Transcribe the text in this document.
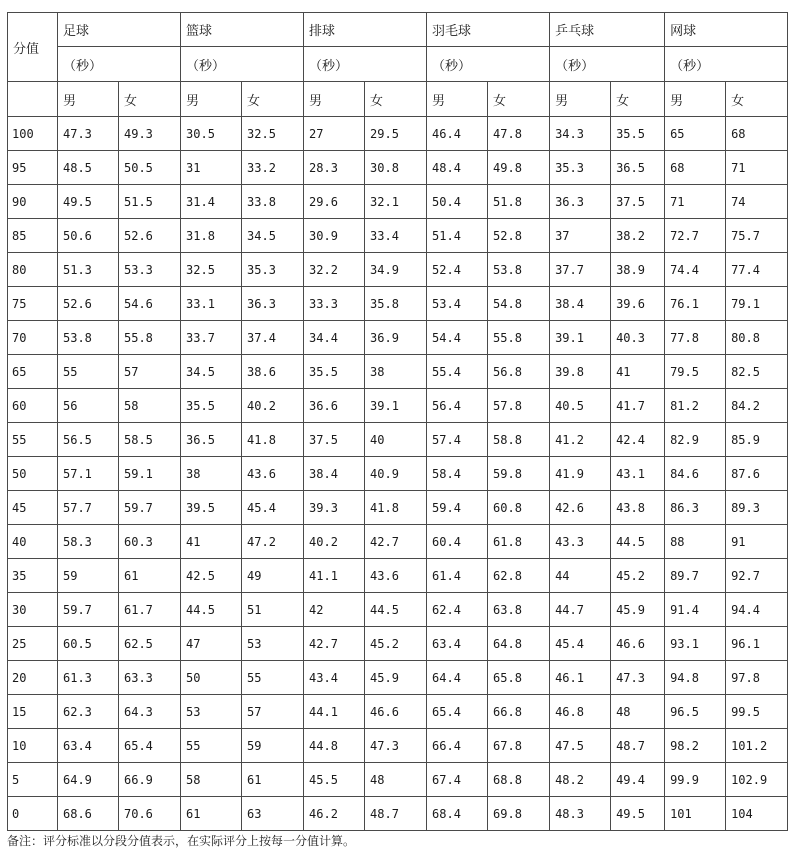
分值	足球		篮球		排球		羽毛球		乒乓球		网球	
	（秒）		（秒）		（秒）		（秒）		（秒）		（秒）	
	男	女	男	女	男	女	男	女	男	女	男	女
100	47.3	49.3	30.5	32.5	27	29.5	46.4	47.8	34.3	35.5	65	68
95	48.5	50.5	31	33.2	28.3	30.8	48.4	49.8	35.3	36.5	68	71
90	49.5	51.5	31.4	33.8	29.6	32.1	50.4	51.8	36.3	37.5	71	74
85	50.6	52.6	31.8	34.5	30.9	33.4	51.4	52.8	37	38.2	72.7	75.7
80	51.3	53.3	32.5	35.3	32.2	34.9	52.4	53.8	37.7	38.9	74.4	77.4
75	52.6	54.6	33.1	36.3	33.3	35.8	53.4	54.8	38.4	39.6	76.1	79.1
70	53.8	55.8	33.7	37.4	34.4	36.9	54.4	55.8	39.1	40.3	77.8	80.8
65	55	57	34.5	38.6	35.5	38	55.4	56.8	39.8	41	79.5	82.5
60	56	58	35.5	40.2	36.6	39.1	56.4	57.8	40.5	41.7	81.2	84.2
55	56.5	58.5	36.5	41.8	37.5	40	57.4	58.8	41.2	42.4	82.9	85.9
50	57.1	59.1	38	43.6	38.4	40.9	58.4	59.8	41.9	43.1	84.6	87.6
45	57.7	59.7	39.5	45.4	39.3	41.8	59.4	60.8	42.6	43.8	86.3	89.3
40	58.3	60.3	41	47.2	40.2	42.7	60.4	61.8	43.3	44.5	88	91
35	59	61	42.5	49	41.1	43.6	61.4	62.8	44	45.2	89.7	92.7
30	59.7	61.7	44.5	51	42	44.5	62.4	63.8	44.7	45.9	91.4	94.4
25	60.5	62.5	47	53	42.7	45.2	63.4	64.8	45.4	46.6	93.1	96.1
20	61.3	63.3	50	55	43.4	45.9	64.4	65.8	46.1	47.3	94.8	97.8
15	62.3	64.3	53	57	44.1	46.6	65.4	66.8	46.8	48	96.5	99.5
10	63.4	65.4	55	59	44.8	47.3	66.4	67.8	47.5	48.7	98.2	101.2
5	64.9	66.9	58	61	45.5	48	67.4	68.8	48.2	49.4	99.9	102.9
0	68.6	70.6	61	63	46.2	48.7	68.4	69.8	48.3	49.5	101	104
备注：评分标准以分段分值表示，在实际评分上按每一分值计算。
